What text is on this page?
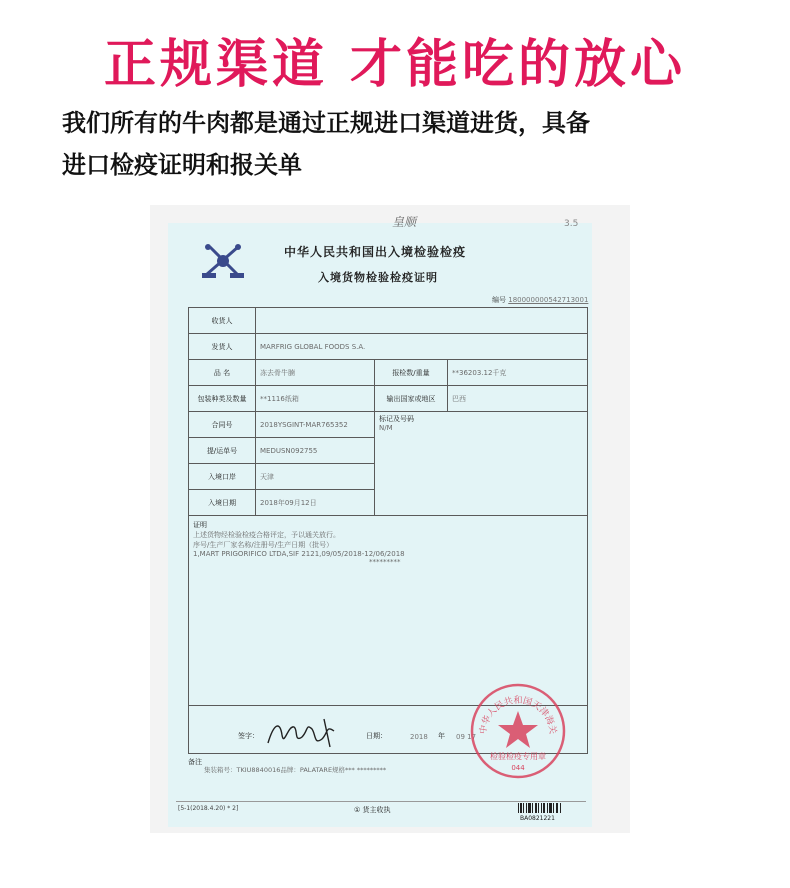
正规渠道 才能吃的放心
我们所有的牛肉都是通过正规进口渠道进货，具备
进口检疫证明和报关单
皇顺	3.5
中华人民共和国出入境检验检疫
入境货物检验检疫证明
编号 180000000542713001
收货人			
发货人	MARFRIG GLOBAL FOODS S.A.		
品 名	冻去骨牛腩	报检数/重量	**36203.12千克
包装种类及数量	**1116纸箱	输出国家或地区	巴西
合同号	2018YSGINT-MAR765352	标记及号码
N/M	

提/运单号	MEDUSN092755		
入境口岸	天津		
入境日期	2018年09月12日		

证明
上述货物经检验检疫合格评定，予以通关放行。
序号/生产厂家名称/注册号/生产日期（批号）
1,MART PRIGORIFICO LTDA,SIF 2121,09/05/2018-12/06/2018
*********			

签字：	日期：	2018 年 09 17
中华人民共和国天津海关
检验检疫专用章
044
备注
集装箱号：TKIU8840016品牌：PALATARE规格*** *********
[5-1(2018.4.20) * 2]	① 货主收执
BA0821221
